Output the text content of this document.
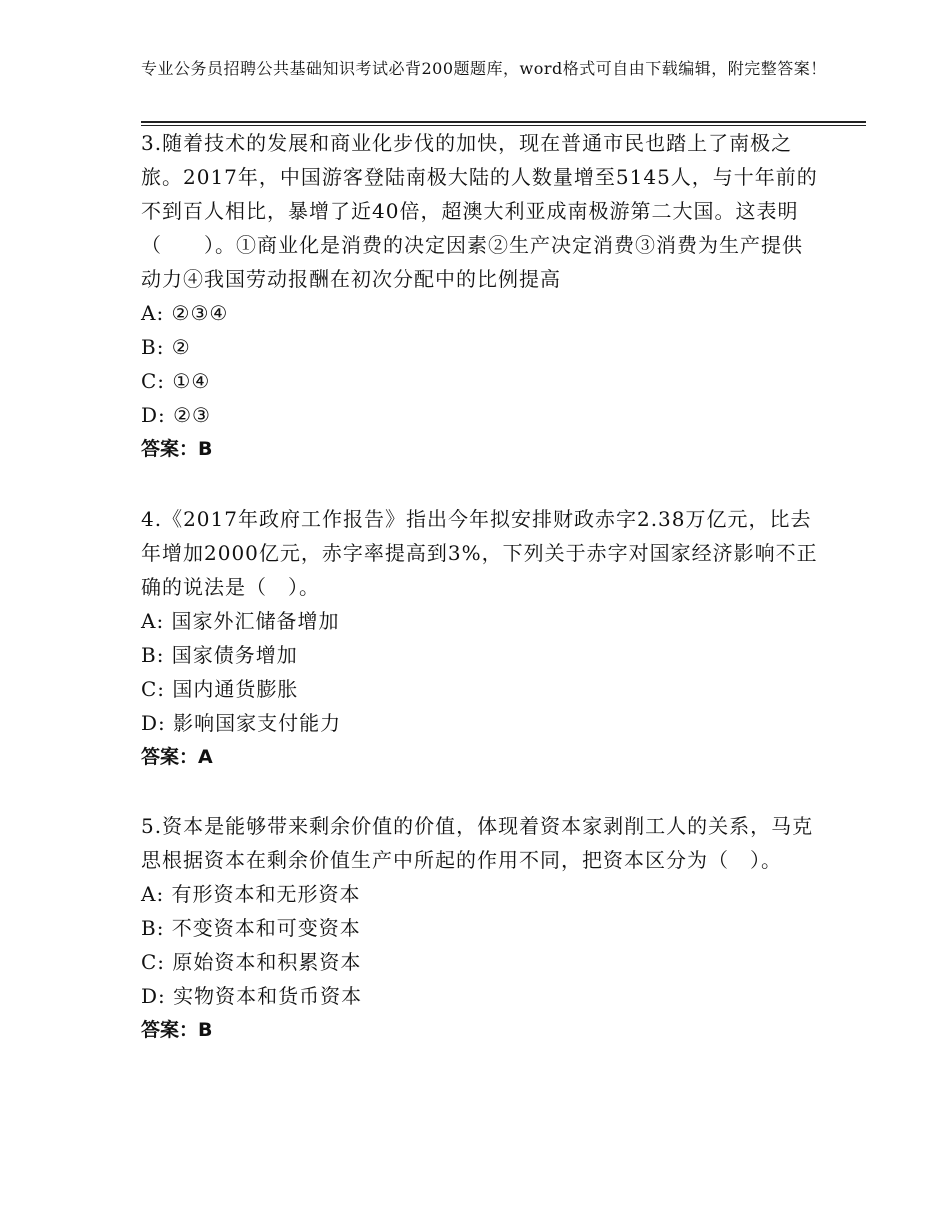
专业公务员招聘公共基础知识考试必背200题题库，word格式可自由下载编辑，附完整答案！

3.随着技术的发展和商业化步伐的加快，现在普通市民也踏上了南极之旅。2017年，中国游客登陆南极大陆的人数量增至5145人，与十年前的不到百人相比，暴增了近40倍，超澳大利亚成南极游第二大国。这表明（　　）。①商业化是消费的决定因素②生产决定消费③消费为生产提供动力④我国劳动报酬在初次分配中的比例提高

A: ②③④

B: ②

C: ①④

D: ②③

答案：B

4.《2017年政府工作报告》指出今年拟安排财政赤字2.38万亿元，比去年增加2000亿元，赤字率提高到3%，下列关于赤字对国家经济影响不正确的说法是（　）。

A: 国家外汇储备增加

B: 国家债务增加

C: 国内通货膨胀

D: 影响国家支付能力

答案：A

5.资本是能够带来剩余价值的价值，体现着资本家剥削工人的关系，马克思根据资本在剩余价值生产中所起的作用不同，把资本区分为（　）。

A: 有形资本和无形资本

B: 不变资本和可变资本

C: 原始资本和积累资本

D: 实物资本和货币资本

答案：B
